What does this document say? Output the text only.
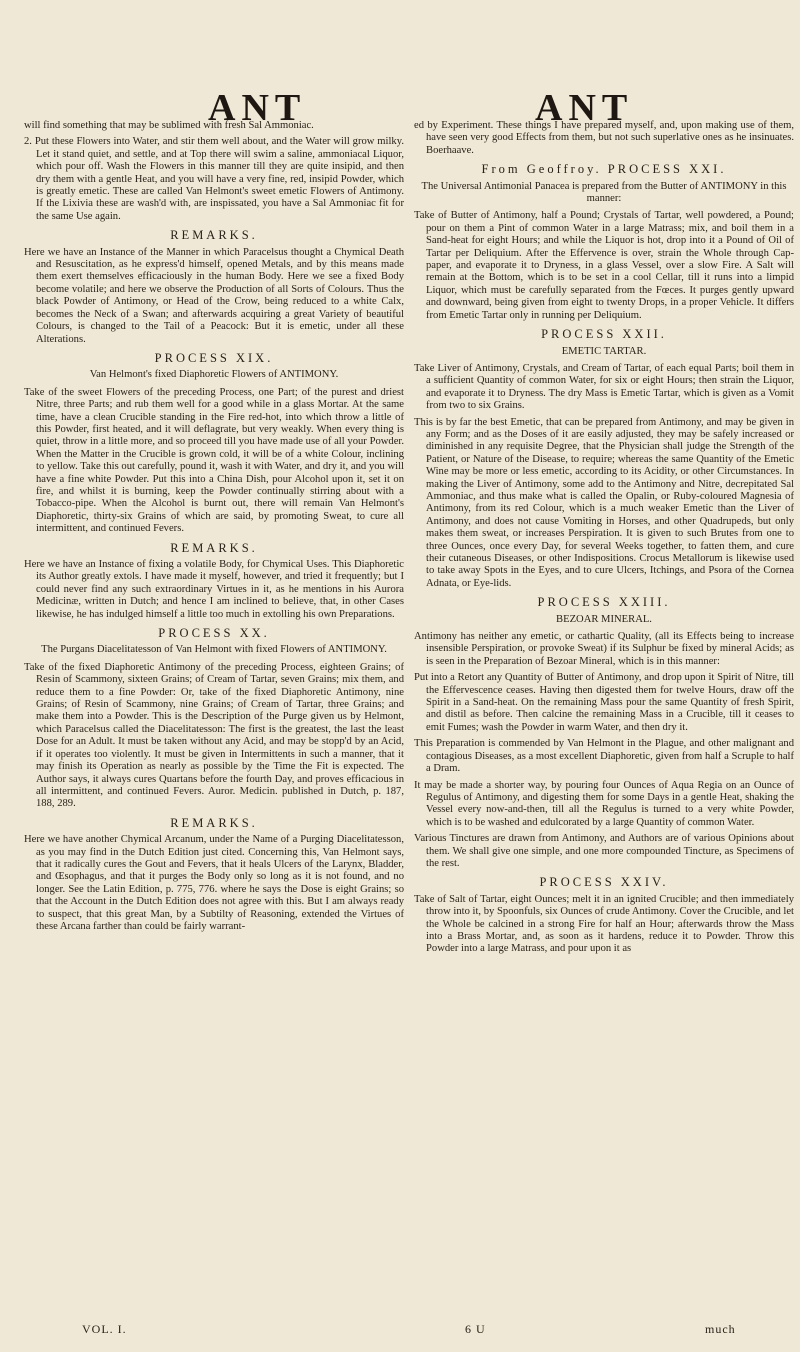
ANT	ANT

will find something that may be sublimed with fresh Sal Ammoniac.

2. Put these Flowers into Water, and stir them well about, and the Water will grow milky. Let it stand quiet, and settle, and at Top there will swim a saline, ammoniacal Liquor, which pour off. Wash the Flowers in this manner till they are quite insipid, and then dry them with a gentle Heat, and you will have a very fine, red, insipid Powder, which is greatly emetic. These are called Van Helmont's sweet emetic Flowers of Antimony. If the Lixivia these are wash'd with, are inspissated, you have a Sal Ammoniac fit for the same Use again.

REMARKS.

Here we have an Instance of the Manner in which Paracelsus thought a Chymical Death and Resuscitation, as he express'd himself, opened Metals, and by this means made them exert themselves efficaciously in the human Body. Here we see a fixed Body become volatile; and here we observe the Production of all Sorts of Colours. Thus the black Powder of Antimony, or Head of the Crow, being reduced to a white Calx, becomes the Neck of a Swan; and afterwards acquiring a great Variety of beautiful Colours, is changed to the Tail of a Peacock: But it is emetic, under all these Alterations.

PROCESS XIX.
Van Helmont's fixed Diaphoretic Flowers of ANTIMONY.

Take of the sweet Flowers of the preceding Process, one Part; of the purest and driest Nitre, three Parts; and rub them well for a good while in a glass Mortar. At the same time, have a clean Crucible standing in the Fire red-hot, into which throw a little of this Powder, first heated, and it will deflagrate, but very weakly. When every thing is quiet, throw in a little more, and so proceed till you have made use of all your Powder. When the Matter in the Crucible is grown cold, it will be of a white Colour, inclining to yellow. Take this out carefully, pound it, wash it with Water, and dry it, and you will have a fine white Powder. Put this into a China Dish, pour Alcohol upon it, set it on fire, and whilst it is burning, keep the Powder continually stirring about with a Tobacco-pipe. When the Alcohol is burnt out, there will remain Van Helmont's Diaphoretic, thirty-six Grains of which are said, by promoting Sweat, to cure all intermittent, and continued Fevers.

REMARKS.

Here we have an Instance of fixing a volatile Body, for Chymical Uses. This Diaphoretic its Author greatly extols. I have made it myself, however, and tried it frequently; but I could never find any such extraordinary Virtues in it, as he mentions in his Aurora Medicinæ, written in Dutch; and hence I am inclined to believe, that, in other Cases likewise, he has indulged himself a little too much in extolling his own Preparations.

PROCESS XX.
The Purgans Diacelitatesson of Van Helmont with fixed Flowers of ANTIMONY.

Take of the fixed Diaphoretic Antimony of the preceding Process, eighteen Grains; of Resin of Scammony, sixteen Grains; of Cream of Tartar, seven Grains; mix them, and reduce them to a fine Powder: Or, take of the fixed Diaphoretic Antimony, nine Grains; of Resin of Scammony, nine Grains; of Cream of Tartar, three Grains; and make them into a Powder. This is the Description of the Purge given us by Helmont, which Paracelsus called the Diacelitatesson: The first is the greatest, the last the least Dose for an Adult. It must be taken without any Acid, and may be stopp'd by an Acid, if it operates too violently. It must be given in Intermittents in such a manner, that it may finish its Operation as nearly as possible by the Time the Fit is expected. The Author says, it always cures Quartans before the fourth Day, and proves efficacious in all intermittent, and continued Fevers. Auror. Medicin. published in Dutch, p. 187, 188, 289.

REMARKS.

Here we have another Chymical Arcanum, under the Name of a Purging Diacelitatesson, as you may find in the Dutch Edition just cited. Concerning this, Van Helmont says, that it radically cures the Gout and Fevers, that it heals Ulcers of the Larynx, Bladder, and Œsophagus, and that it purges the Body only so long as it is not found, and no longer. See the Latin Edition, p. 775, 776. where he says the Dose is eight Grains; so that the Account in the Dutch Edition does not agree with this. But I am always ready to suspect, that this great Man, by a Subtilty of Reasoning, extended the Virtues of these Arcana farther than could be fairly warrant-

ed by Experiment. These things I have prepared myself, and, upon making use of them, have seen very good Effects from them, but not such superlative ones as he insinuates. Boerhaave.

From Geoffroy. PROCESS XXI.
The Universal Antimonial Panacea is prepared from the Butter of ANTIMONY in this manner:

Take of Butter of Antimony, half a Pound; Crystals of Tartar, well powdered, a Pound; pour on them a Pint of common Water in a large Matrass; mix, and boil them in a Sand-heat for eight Hours; and while the Liquor is hot, drop into it a Pound of Oil of Tartar per Deliquium. After the Effervence is over, strain the Whole through Cap-paper, and evaporate it to Dryness, in a glass Vessel, over a slow Fire. A Salt will remain at the Bottom, which is to be set in a cool Cellar, till it runs into a limpid Liquor, which must be carefully separated from the Fœces. It purges gently upward and downward, being given from eight to twenty Drops, in a proper Vehicle. It differs from Emetic Tartar only in running per Deliquium.

PROCESS XXII.
EMETIC TARTAR.

Take Liver of Antimony, Crystals, and Cream of Tartar, of each equal Parts; boil them in a sufficient Quantity of common Water, for six or eight Hours; then strain the Liquor, and evaporate it to Dryness. The dry Mass is Emetic Tartar, which is given as a Vomit from two to six Grains.

This is by far the best Emetic, that can be prepared from Antimony, and may be given in any Form; and as the Doses of it are easily adjusted, they may be safely increased or diminished in any requisite Degree, that the Physician shall judge the Strength of the Patient, or Nature of the Disease, to require; whereas the same Quantity of the Emetic Wine may be more or less emetic, according to its Acidity, or other Circumstances. In making the Liver of Antimony, some add to the Antimony and Nitre, decrepitated Sal Ammoniac, and thus make what is called the Opalin, or Ruby-coloured Magnesia of Antimony, from its red Colour, which is a much weaker Emetic than the Liver of Antimony, and does not cause Vomiting in Horses, and other Quadrupeds, but only makes them sweat, or increases Perspiration. It is given to such Brutes from one to three Ounces, once every Day, for several Weeks together, to fatten them, and cure their cutaneous Diseases, or other Indispositions. Crocus Metallorum is likewise used to take away Spots in the Eyes, and to cure Ulcers, Itchings, and Psora of the Cornea Adnata, or Eye-lids.

PROCESS XXIII.
BEZOAR MINERAL.

Antimony has neither any emetic, or cathartic Quality, (all its Effects being to increase insensible Perspiration, or provoke Sweat) if its Sulphur be fixed by mineral Acids; as is seen in the Preparation of Bezoar Mineral, which is in this manner:

Put into a Retort any Quantity of Butter of Antimony, and drop upon it Spirit of Nitre, till the Effervescence ceases. Having then digested them for twelve Hours, draw off the Spirit in a Sand-heat. On the remaining Mass pour the same Quantity of fresh Spirit, and distil as before. Then calcine the remaining Mass in a Crucible, till it ceases to emit Fumes; wash the Powder in warm Water, and then dry it.

This Preparation is commended by Van Helmont in the Plague, and other malignant and contagious Diseases, as a most excellent Diaphoretic, given from half a Scruple to half a Dram.

It may be made a shorter way, by pouring four Ounces of Aqua Regia on an Ounce of Regulus of Antimony, and digesting them for some Days in a gentle Heat, shaking the Vessel every now-and-then, till all the Regulus is turned to a very white Powder, which is to be washed and edulcorated by a large Quantity of common Water.

Various Tinctures are drawn from Antimony, and Authors are of various Opinions about them. We shall give one simple, and one more compounded Tincture, as Specimens of the rest.

PROCESS XXIV.

Take of Salt of Tartar, eight Ounces; melt it in an ignited Crucible; and then immediately throw into it, by Spoonfuls, six Ounces of crude Antimony. Cover the Crucible, and let the Whole be calcined in a strong Fire for half an Hour; afterwards throw the Mass into a Brass Mortar, and, as soon as it hardens, reduce it to Powder. Throw this Powder into a large Matrass, and pour upon it as

VOL. I.	6 U	much
